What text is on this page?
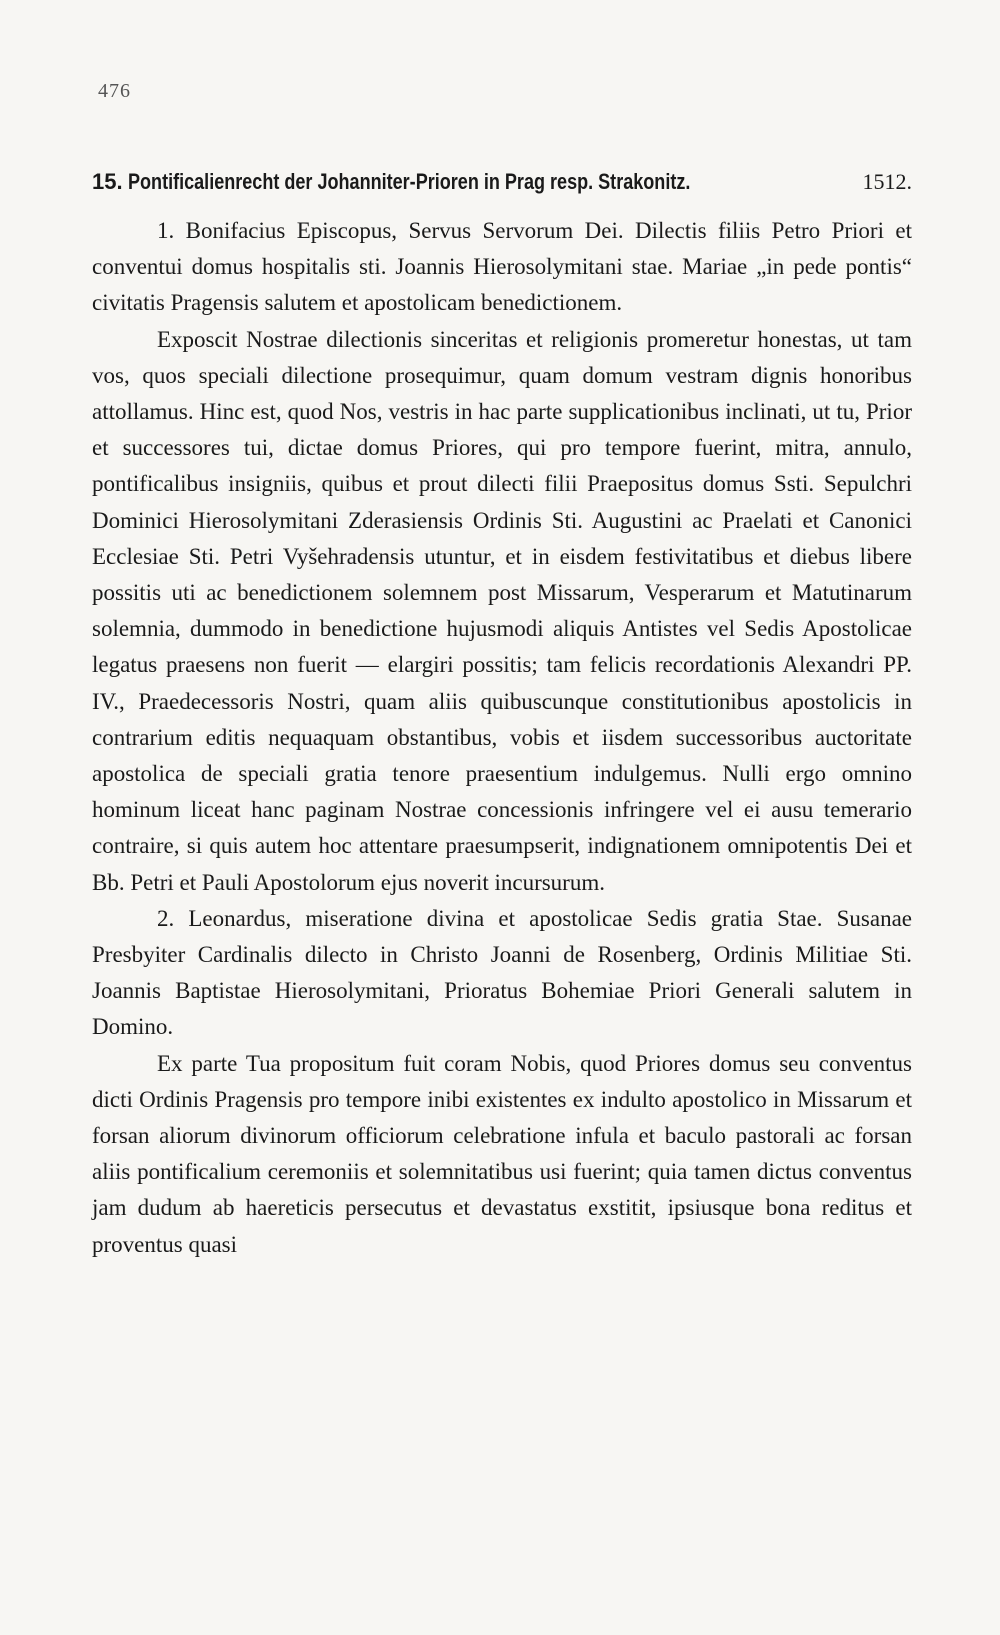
476
15. Pontificalienrecht der Johanniter-Prioren in Prag resp. Strakonitz.	1512.

1. Bonifacius Episcopus, Servus Servorum Dei. Dilectis filiis Petro Priori et conventui domus hospitalis sti. Joannis Hierosolymitani stae. Mariae „in pede pontis“ civitatis Pragensis salutem et apostolicam benedictionem.

Exposcit Nostrae dilectionis sinceritas et religionis promeretur honestas, ut tam vos, quos speciali dilectione prosequimur, quam domum vestram dignis honoribus attollamus. Hinc est, quod Nos, vestris in hac parte supplicationibus inclinati, ut tu, Prior et successores tui, dictae domus Priores, qui pro tempore fuerint, mitra, annulo, pontificalibus insigniis, quibus et prout dilecti filii Praepositus domus Ssti. Sepulchri Dominici Hierosolymitani Zderasiensis Ordinis Sti. Augustini ac Praelati et Canonici Ecclesiae Sti. Petri Vyšehradensis utuntur, et in eisdem festivitatibus et diebus libere possitis uti ac benedictionem solemnem post Missarum, Vesperarum et Matutinarum solemnia, dummodo in benedictione hujusmodi aliquis Antistes vel Sedis Apostolicae legatus praesens non fuerit — elargiri possitis; tam felicis recordationis Alexandri PP. IV., Praedecessoris Nostri, quam aliis quibuscunque constitutionibus apostolicis in contrarium editis nequaquam obstantibus, vobis et iisdem successoribus auctoritate apostolica de speciali gratia tenore praesentium indulgemus. Nulli ergo omnino hominum liceat hanc paginam Nostrae concessionis infringere vel ei ausu temerario contraire, si quis autem hoc attentare praesumpserit, indignationem omnipotentis Dei et Bb. Petri et Pauli Apostolorum ejus noverit incursurum.

2. Leonardus, miseratione divina et apostolicae Sedis gratia Stae. Susanae Presbyiter Cardinalis dilecto in Christo Joanni de Rosenberg, Ordinis Militiae Sti. Joannis Baptistae Hierosolymitani, Prioratus Bohemiae Priori Generali salutem in Domino.

Ex parte Tua propositum fuit coram Nobis, quod Priores domus seu conventus dicti Ordinis Pragensis pro tempore inibi existentes ex indulto apostolico in Missarum et forsan aliorum divinorum officiorum celebratione infula et baculo pastorali ac forsan aliis pontificalium ceremoniis et solemnitatibus usi fuerint; quia tamen dictus conventus jam dudum ab haereticis persecutus et devastatus exstitit, ipsiusque bona reditus et proventus quasi
